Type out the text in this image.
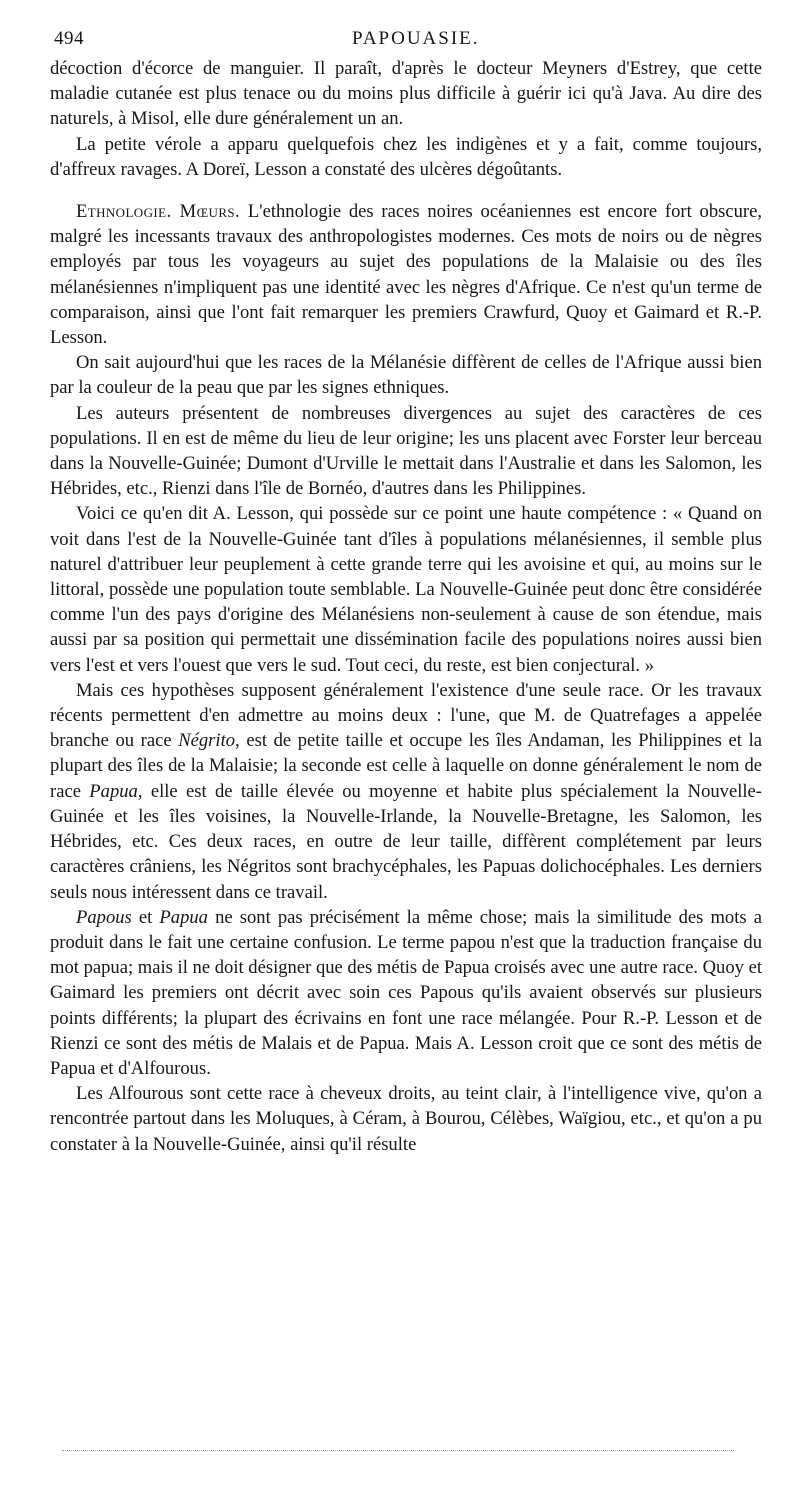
494	PAPOUASIE.

décoction d'écorce de manguier. Il paraît, d'après le docteur Meyners d'Estrey, que cette maladie cutanée est plus tenace ou du moins plus difficile à guérir ici qu'à Java. Au dire des naturels, à Misol, elle dure généralement un an.

La petite vérole a apparu quelquefois chez les indigènes et y a fait, comme toujours, d'affreux ravages. A Doreï, Lesson a constaté des ulcères dégoûtants.

Ethnologie. Mœurs. L'ethnologie des races noires océaniennes est encore fort obscure, malgré les incessants travaux des anthropologistes modernes. Ces mots de noirs ou de nègres employés par tous les voyageurs au sujet des populations de la Malaisie ou des îles mélanésiennes n'impliquent pas une identité avec les nègres d'Afrique. Ce n'est qu'un terme de comparaison, ainsi que l'ont fait remarquer les premiers Crawfurd, Quoy et Gaimard et R.-P. Lesson.

On sait aujourd'hui que les races de la Mélanésie diffèrent de celles de l'Afrique aussi bien par la couleur de la peau que par les signes ethniques.

Les auteurs présentent de nombreuses divergences au sujet des caractères de ces populations. Il en est de même du lieu de leur origine; les uns placent avec Forster leur berceau dans la Nouvelle-Guinée; Dumont d'Urville le mettait dans l'Australie et dans les Salomon, les Hébrides, etc., Rienzi dans l'île de Bornéo, d'autres dans les Philippines.

Voici ce qu'en dit A. Lesson, qui possède sur ce point une haute compétence : « Quand on voit dans l'est de la Nouvelle-Guinée tant d'îles à populations mélanésiennes, il semble plus naturel d'attribuer leur peuplement à cette grande terre qui les avoisine et qui, au moins sur le littoral, possède une population toute semblable. La Nouvelle-Guinée peut donc être considérée comme l'un des pays d'origine des Mélanésiens non-seulement à cause de son étendue, mais aussi par sa position qui permettait une dissémination facile des populations noires aussi bien vers l'est et vers l'ouest que vers le sud. Tout ceci, du reste, est bien conjectural. »

Mais ces hypothèses supposent généralement l'existence d'une seule race. Or les travaux récents permettent d'en admettre au moins deux : l'une, que M. de Quatrefages a appelée branche ou race Négrito, est de petite taille et occupe les îles Andaman, les Philippines et la plupart des îles de la Malaisie; la seconde est celle à laquelle on donne généralement le nom de race Papua, elle est de taille élevée ou moyenne et habite plus spécialement la Nouvelle-Guinée et les îles voisines, la Nouvelle-Irlande, la Nouvelle-Bretagne, les Salomon, les Hébrides, etc. Ces deux races, en outre de leur taille, diffèrent complétement par leurs caractères crâniens, les Négritos sont brachycéphales, les Papuas dolichocéphales. Les derniers seuls nous intéressent dans ce travail.

Papous et Papua ne sont pas précisément la même chose; mais la similitude des mots a produit dans le fait une certaine confusion. Le terme papou n'est que la traduction française du mot papua; mais il ne doit désigner que des métis de Papua croisés avec une autre race. Quoy et Gaimard les premiers ont décrit avec soin ces Papous qu'ils avaient observés sur plusieurs points différents; la plupart des écrivains en font une race mélangée. Pour R.-P. Lesson et de Rienzi ce sont des métis de Malais et de Papua. Mais A. Lesson croit que ce sont des métis de Papua et d'Alfourous.

Les Alfourous sont cette race à cheveux droits, au teint clair, à l'intelligence vive, qu'on a rencontrée partout dans les Moluques, à Céram, à Bourou, Célèbes, Waïgiou, etc., et qu'on a pu constater à la Nouvelle-Guinée, ainsi qu'il résulte
